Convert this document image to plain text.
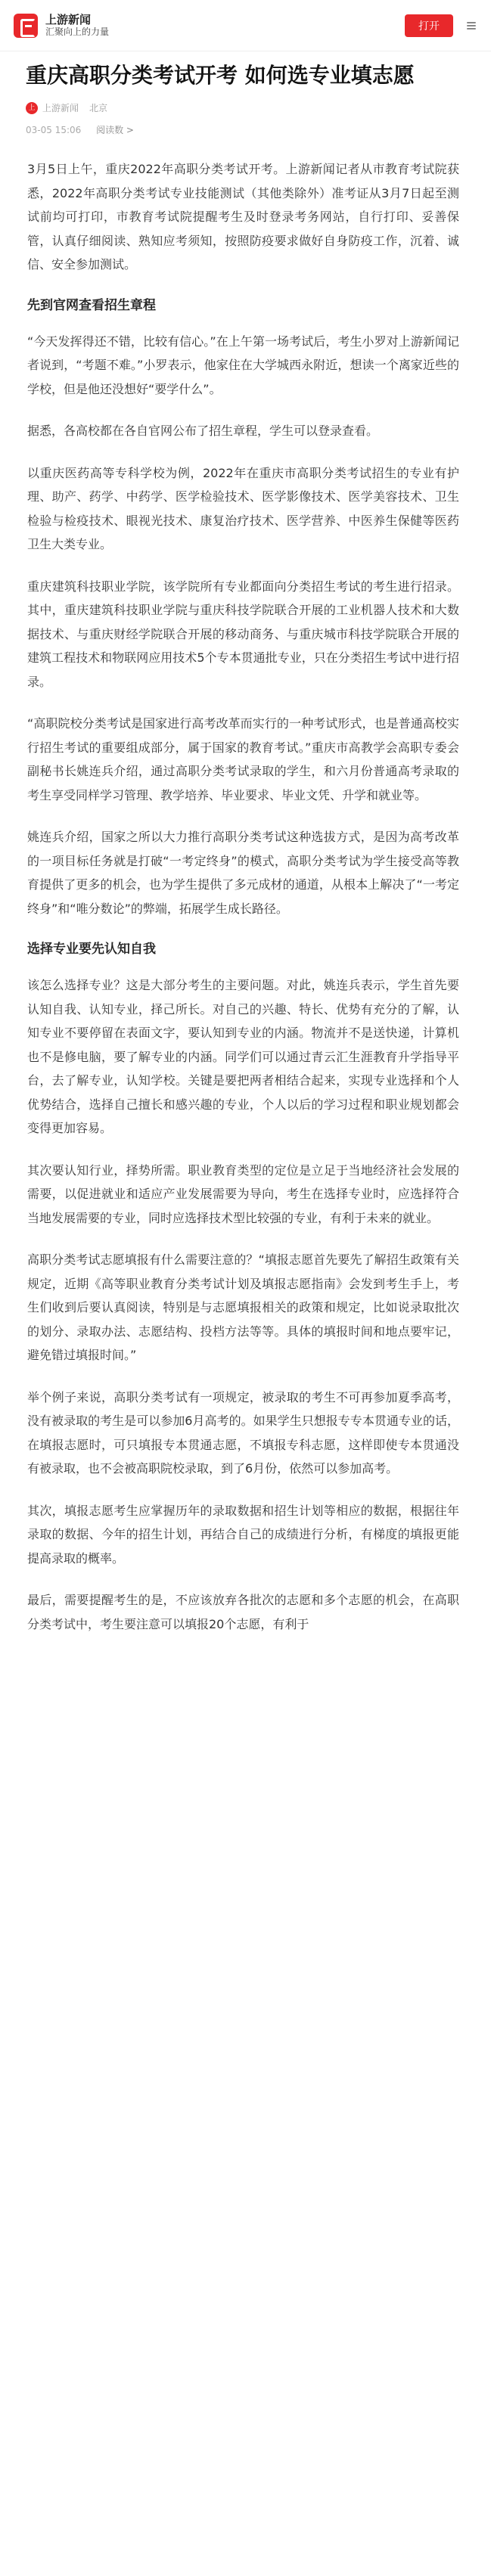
上游新闻
汇聚向上的力量	打开
重庆高职分类考试开考 如何选专业填志愿
上 上游新闻 北京
03-05 15:06 阅读数 >

3月5日上午，重庆2022年高职分类考试开考。上游新闻记者从市教育考试院获悉，2022年高职分类考试专业技能测试（其他类除外）准考证从3月7日起至测试前均可打印，市教育考试院提醒考生及时登录考务网站，自行打印、妥善保管，认真仔细阅读、熟知应考须知，按照防疫要求做好自身防疫工作，沉着、诚信、安全参加测试。

先到官网查看招生章程

“今天发挥得还不错，比较有信心。”在上午第一场考试后，考生小罗对上游新闻记者说到，“考题不难。”小罗表示，他家住在大学城西永附近，想读一个离家近些的学校，但是他还没想好“要学什么”。

据悉，各高校都在各自官网公布了招生章程，学生可以登录查看。

以重庆医药高等专科学校为例，2022年在重庆市高职分类考试招生的专业有护理、助产、药学、中药学、医学检验技术、医学影像技术、医学美容技术、卫生检验与检疫技术、眼视光技术、康复治疗技术、医学营养、中医养生保健等医药卫生大类专业。

重庆建筑科技职业学院，该学院所有专业都面向分类招生考试的考生进行招录。其中，重庆建筑科技职业学院与重庆科技学院联合开展的工业机器人技术和大数据技术、与重庆财经学院联合开展的移动商务、与重庆城市科技学院联合开展的建筑工程技术和物联网应用技术5个专本贯通批专业，只在分类招生考试中进行招录。

“高职院校分类考试是国家进行高考改革而实行的一种考试形式，也是普通高校实行招生考试的重要组成部分，属于国家的教育考试。”重庆市高教学会高职专委会副秘书长姚连兵介绍，通过高职分类考试录取的学生，和六月份普通高考录取的考生享受同样学习管理、教学培养、毕业要求、毕业文凭、升学和就业等。

姚连兵介绍，国家之所以大力推行高职分类考试这种选拔方式，是因为高考改革的一项目标任务就是打破“一考定终身”的模式，高职分类考试为学生接受高等教育提供了更多的机会，也为学生提供了多元成材的通道，从根本上解决了“一考定终身”和“唯分数论”的弊端，拓展学生成长路径。

选择专业要先认知自我

该怎么选择专业？这是大部分考生的主要问题。对此，姚连兵表示，学生首先要认知自我、认知专业，择己所长。对自己的兴趣、特长、优势有充分的了解，认知专业不要停留在表面文字，要认知到专业的内涵。物流并不是送快递，计算机也不是修电脑，要了解专业的内涵。同学们可以通过青云汇生涯教育升学指导平台，去了解专业，认知学校。关键是要把两者相结合起来，实现专业选择和个人优势结合，选择自己擅长和感兴趣的专业，个人以后的学习过程和职业规划都会变得更加容易。

其次要认知行业，择势所需。职业教育类型的定位是立足于当地经济社会发展的需要，以促进就业和适应产业发展需要为导向，考生在选择专业时，应选择符合当地发展需要的专业，同时应选择技术型比较强的专业，有利于未来的就业。

高职分类考试志愿填报有什么需要注意的？“填报志愿首先要先了解招生政策有关规定，近期《高等职业教育分类考试计划及填报志愿指南》会发到考生手上，考生们收到后要认真阅读，特别是与志愿填报相关的政策和规定，比如说录取批次的划分、录取办法、志愿结构、投档方法等等。具体的填报时间和地点要牢记，避免错过填报时间。”

举个例子来说，高职分类考试有一项规定，被录取的考生不可再参加夏季高考，没有被录取的考生是可以参加6月高考的。如果学生只想报专专本贯通专业的话，在填报志愿时，可只填报专本贯通志愿，不填报专科志愿，这样即使专本贯通没有被录取，也不会被高职院校录取，到了6月份，依然可以参加高考。

其次，填报志愿考生应掌握历年的录取数据和招生计划等相应的数据，根据往年录取的数据、今年的招生计划，再结合自己的成绩进行分析，有梯度的填报更能提高录取的概率。

最后，需要提醒考生的是，不应该放弃各批次的志愿和多个志愿的机会，在高职分类考试中，考生要注意可以填报20个志愿，有利于
